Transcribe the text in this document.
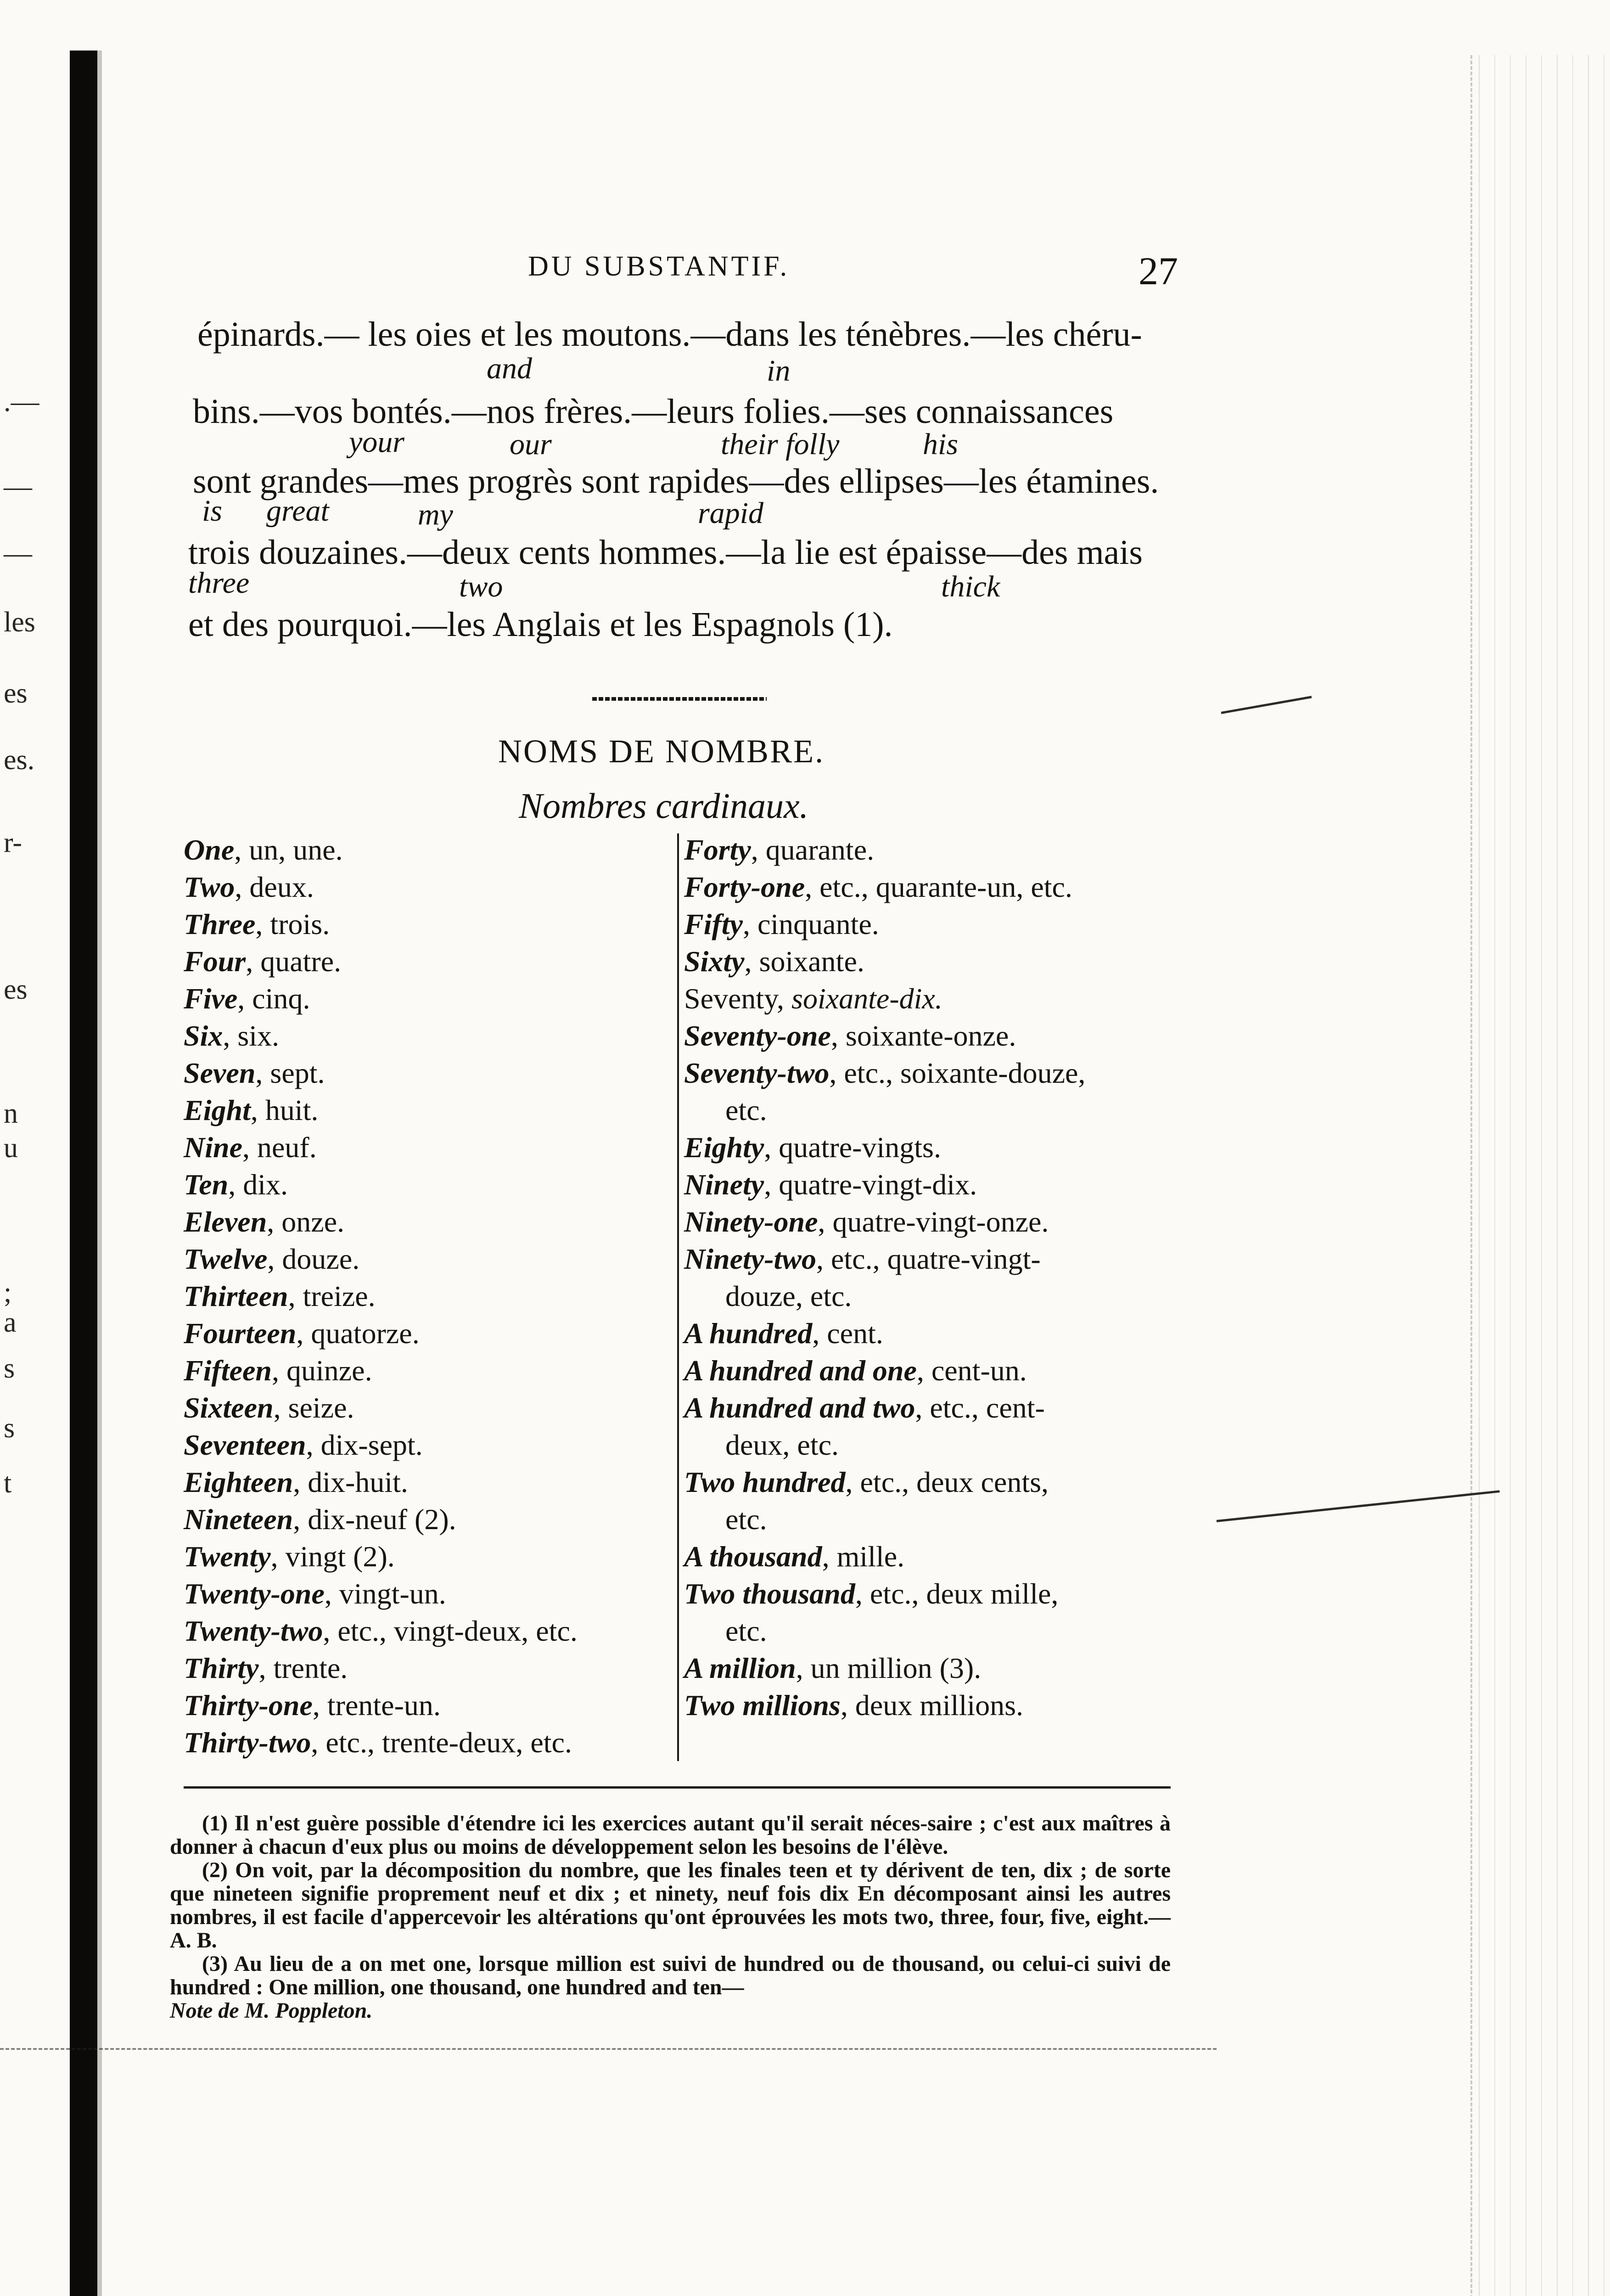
.—
—
—
les
es
es.
r-
es
n
u
;
a
s
s
t
DU SUBSTANTIF.	27
épinards.— les oies et les moutons.—dans les ténèbres.—les chéru-
and	in
bins.—vos bontés.—nos frères.—leurs folies.—ses connaissances
your	our	their folly	his
sont grandes—mes progrès sont rapides—des ellipses—les étamines.
is great	my	rapid
trois douzaines.—deux cents hommes.—la lie est épaisse—des mais
three	two	thick
et des pourquoi.—les Anglais et les Espagnols (1).
NOMS DE NOMBRE.
Nombres cardinaux.
One, un, une.
Two, deux.
Three, trois.
Four, quatre.
Five, cinq.
Six, six.
Seven, sept.
Eight, huit.
Nine, neuf.
Ten, dix.
Eleven, onze.
Twelve, douze.
Thirteen, treize.
Fourteen, quatorze.
Fifteen, quinze.
Sixteen, seize.
Seventeen, dix-sept.
Eighteen, dix-huit.
Nineteen, dix-neuf (2).
Twenty, vingt (2).
Twenty-one, vingt-un.
Twenty-two, etc., vingt-deux, etc.
Thirty, trente.
Thirty-one, trente-un.
Thirty-two, etc., trente-deux, etc.
Forty, quarante.
Forty-one, etc., quarante-un, etc.
Fifty, cinquante.
Sixty, soixante.
Seventy, soixante-dix.
Seventy-one, soixante-onze.
Seventy-two, etc., soixante-douze,
etc.
Eighty, quatre-vingts.
Ninety, quatre-vingt-dix.
Ninety-one, quatre-vingt-onze.
Ninety-two, etc., quatre-vingt-
douze, etc.
A hundred, cent.
A hundred and one, cent-un.
A hundred and two, etc., cent-
deux, etc.
Two hundred, etc., deux cents,
etc.
A thousand, mille.
Two thousand, etc., deux mille,
etc.
A million, un million (3).
Two millions, deux millions.

(1) Il n'est guère possible d'étendre ici les exercices autant qu'il serait néces-saire ; c'est aux maîtres à donner à chacun d'eux plus ou moins de développement selon les besoins de l'élève.

(2) On voit, par la décomposition du nombre, que les finales teen et ty dérivent de ten, dix ; de sorte que nineteen signifie proprement neuf et dix ; et ninety, neuf fois dix En décomposant ainsi les autres nombres, il est facile d'appercevoir les altérations qu'ont éprouvées les mots two, three, four, five, eight.—A. B.

(3) Au lieu de a on met one, lorsque million est suivi de hundred ou de thousand, ou celui-ci suivi de hundred : One million, one thousand, one hundred and ten—

Note de M. Poppleton.
